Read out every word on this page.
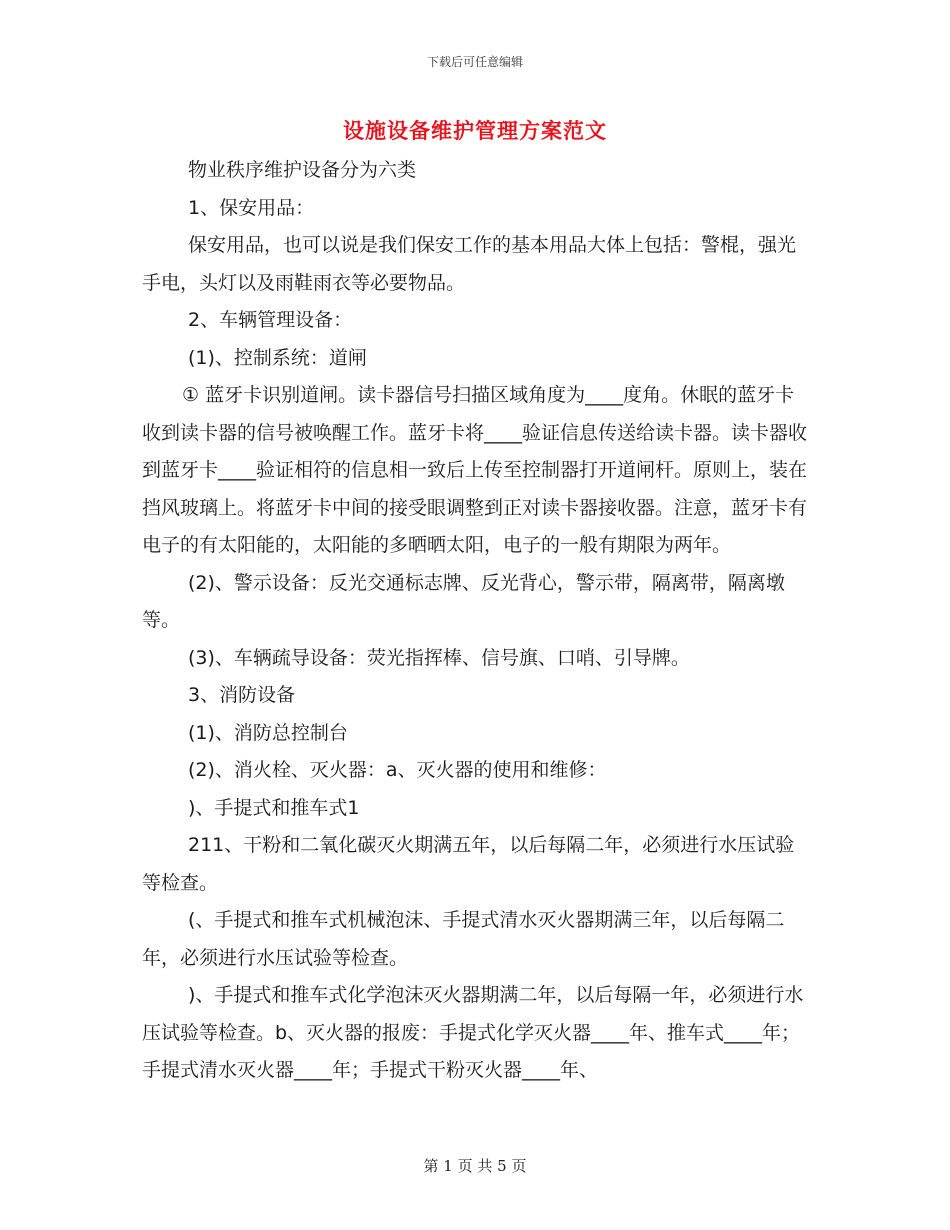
下载后可任意编辑
设施设备维护管理方案范文

物业秩序维护设备分为六类

1、保安用品：

保安用品，也可以说是我们保安工作的基本用品大体上包括：警棍，强光手电，头灯以及雨鞋雨衣等必要物品。

2、车辆管理设备：

(1)、控制系统：道闸

① 蓝牙卡识别道闸。读卡器信号扫描区域角度为____度角。休眠的蓝牙卡收到读卡器的信号被唤醒工作。蓝牙卡将____验证信息传送给读卡器。读卡器收到蓝牙卡____验证相符的信息相一致后上传至控制器打开道闸杆。原则上，装在挡风玻璃上。将蓝牙卡中间的接受眼调整到正对读卡器接收器。注意，蓝牙卡有电子的有太阳能的，太阳能的多晒晒太阳，电子的一般有期限为两年。

(2)、警示设备：反光交通标志牌、反光背心，警示带，隔离带，隔离墩等。

(3)、车辆疏导设备：荧光指挥棒、信号旗、口哨、引导牌。

3、消防设备

(1)、消防总控制台

(2)、消火栓、灭火器：a、灭火器的使用和维修：

)、手提式和推车式1

211、干粉和二氧化碳灭火期满五年，以后每隔二年，必须进行水压试验等检查。

(、手提式和推车式机械泡沫、手提式清水灭火器期满三年，以后每隔二年，必须进行水压试验等检查。

)、手提式和推车式化学泡沫灭火器期满二年，以后每隔一年，必须进行水压试验等检查。b、灭火器的报废：手提式化学灭火器____年、推车式____年；手提式清水灭火器____年；手提式干粉灭火器____年、

第 1 页 共 5 页
